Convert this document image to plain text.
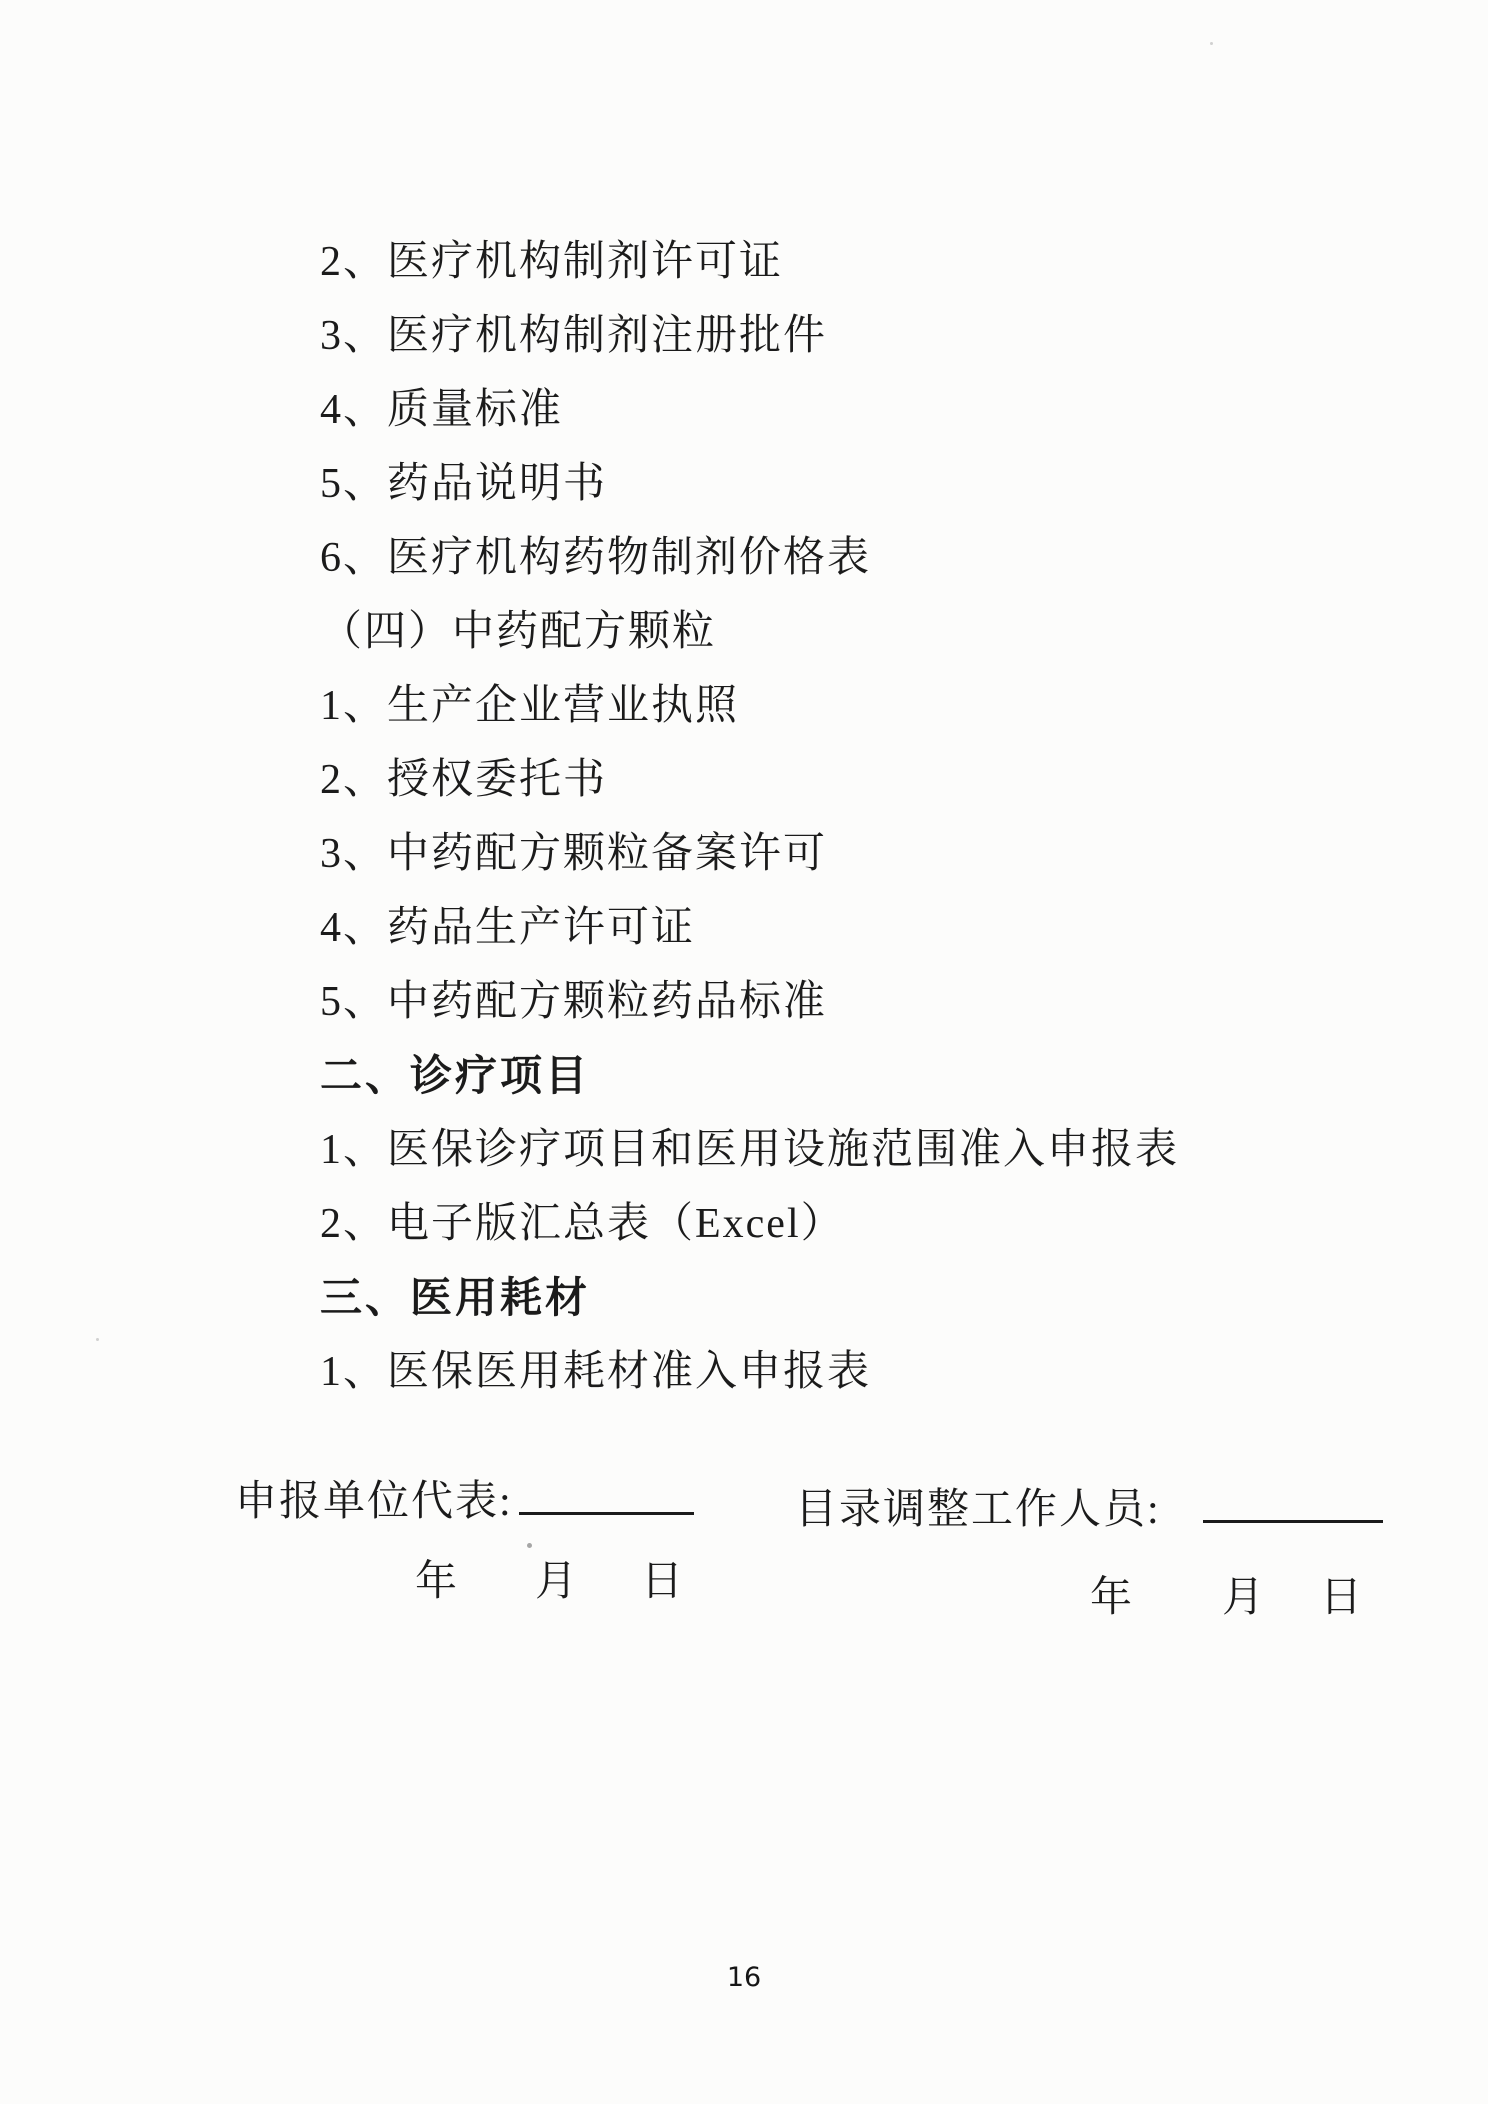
2、医疗机构制剂许可证
3、医疗机构制剂注册批件
4、质量标准
5、药品说明书
6、医疗机构药物制剂价格表
（四）中药配方颗粒
1、生产企业营业执照
2、授权委托书
3、中药配方颗粒备案许可
4、药品生产许可证
5、中药配方颗粒药品标准
二、诊疗项目
1、医保诊疗项目和医用设施范围准入申报表
2、电子版汇总表（Excel）
三、医用耗材
1、医保医用耗材准入申报表
申报单位代表:	目录调整工作人员:
年 月 日	年 月 日
16
